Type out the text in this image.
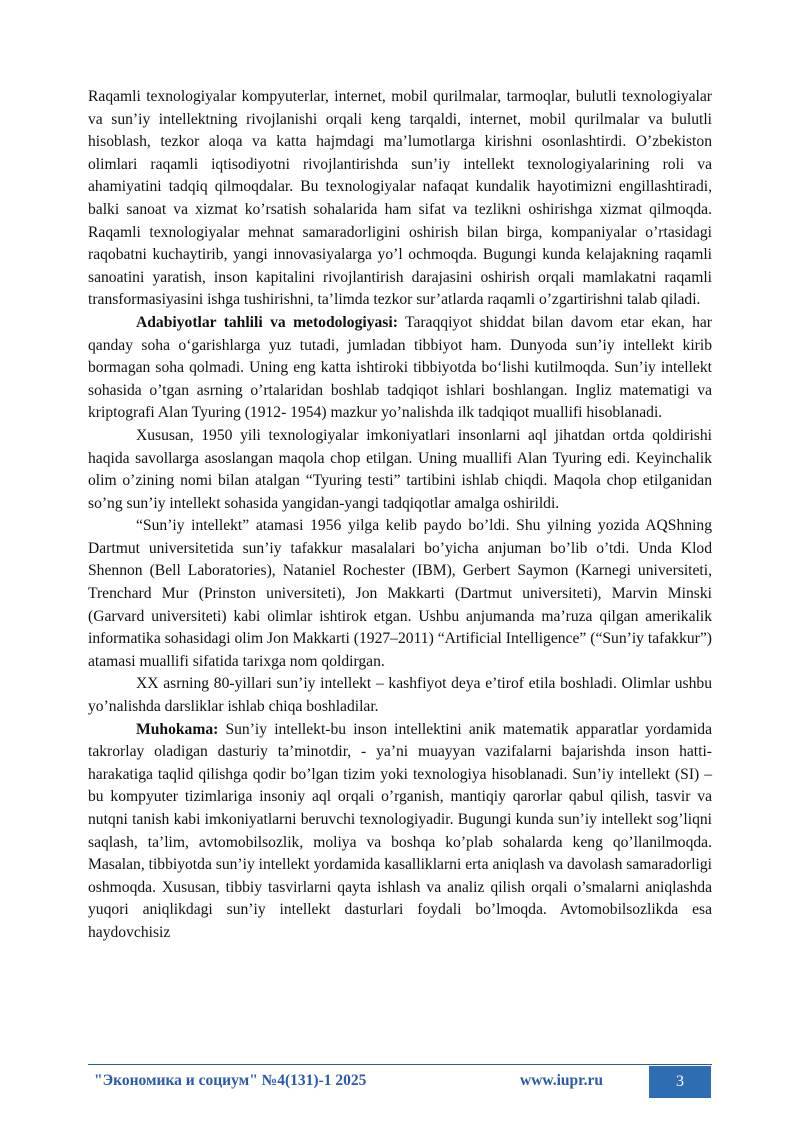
Raqamli texnologiyalar kompyuterlar, internet, mobil qurilmalar, tarmoqlar, bulutli texnologiyalar va sun’iy intellektning rivojlanishi orqali keng tarqaldi, internet, mobil qurilmalar va bulutli hisoblash, tezkor aloqa va katta hajmdagi ma’lumotlarga kirishni osonlashtirdi. O’zbekiston olimlari raqamli iqtisodiyotni rivojlantirishda sun’iy intellekt texnologiyalarining roli va ahamiyatini tadqiq qilmoqdalar. Bu texnologiyalar nafaqat kundalik hayotimizni engillashtiradi, balki sanoat va xizmat ko’rsatish sohalarida ham sifat va tezlikni oshirishga xizmat qilmoqda. Raqamli texnologiyalar mehnat samaradorligini oshirish bilan birga, kompaniyalar o’rtasidagi raqobatni kuchaytirib, yangi innovasiyalarga yo’l ochmoqda. Bugungi kunda kelajakning raqamli sanoatini yaratish, inson kapitalini rivojlantirish darajasini oshirish orqali mamlakatni raqamli transformasiyasini ishga tushirishni, ta’limda tezkor sur’atlarda raqamli o’zgartirishni talab qiladi.

Adabiyotlar tahlili va metodologiyasi: Taraqqiyot shiddat bilan davom etar ekan, har qanday soha o‘garishlarga yuz tutadi, jumladan tibbiyot ham. Dunyoda sun’iy intellekt kirib bormagan soha qolmadi. Uning eng katta ishtiroki tibbiyotda bo‘lishi kutilmoqda. Sun’iy intellekt sohasida o’tgan asrning o’rtalaridan boshlab tadqiqot ishlari boshlangan. Ingliz matematigi va kriptografi Alan Tyuring (1912- 1954) mazkur yo’nalishda ilk tadqiqot muallifi hisoblanadi.

Xususan, 1950 yili texnologiyalar imkoniyatlari insonlarni aql jihatdan ortda qoldirishi haqida savollarga asoslangan maqola chop etilgan. Uning muallifi Alan Tyuring edi. Keyinchalik olim o’zining nomi bilan atalgan “Tyuring testi” tartibini ishlab chiqdi. Maqola chop etilganidan so’ng sun’iy intellekt sohasida yangidan-yangi tadqiqotlar amalga oshirildi.

“Sun’iy intellekt” atamasi 1956 yilga kelib paydo bo’ldi. Shu yilning yozida AQShning Dartmut universitetida sun’iy tafakkur masalalari bo’yicha anjuman bo’lib o’tdi. Unda Klod Shennon (Bell Laboratories), Nataniel Rochester (IBM), Gerbert Saymon (Karnegi universiteti, Trenchard Mur (Prinston universiteti), Jon Makkarti (Dartmut universiteti), Marvin Minski (Garvard universiteti) kabi olimlar ishtirok etgan. Ushbu anjumanda ma’ruza qilgan amerikalik informatika sohasidagi olim Jon Makkarti (1927–2011) “Artificial Intelligence” (“Sun’iy tafakkur”) atamasi muallifi sifatida tarixga nom qoldirgan.

XX asrning 80-yillari sun’iy intellekt – kashfiyot deya e’tirof etila boshladi. Olimlar ushbu yo’nalishda darsliklar ishlab chiqa boshladilar.

Muhokama: Sun’iy intellekt-bu inson intellektini anik matematik apparatlar yordamida takrorlay oladigan dasturiy ta’minotdir, - ya’ni muayyan vazifalarni bajarishda inson hatti-harakatiga taqlid qilishga qodir bo’lgan tizim yoki texnologiya hisoblanadi. Sun’iy intellekt (SI) – bu kompyuter tizimlariga insoniy aql orqali o’rganish, mantiqiy qarorlar qabul qilish, tasvir va nutqni tanish kabi imkoniyatlarni beruvchi texnologiyadir. Bugungi kunda sun’iy intellekt sog’liqni saqlash, ta’lim, avtomobilsozlik, moliya va boshqa ko’plab sohalarda keng qo’llanilmoqda. Masalan, tibbiyotda sun’iy intellekt yordamida kasalliklarni erta aniqlash va davolash samaradorligi oshmoqda. Xususan, tibbiy tasvirlarni qayta ishlash va analiz qilish orqali o’smalarni aniqlashda yuqori aniqlikdagi sun’iy intellekt dasturlari foydali bo’lmoqda. Avtomobilsozlikda esa haydovchisiz

"Экономика и социум" №4(131)-1 2025	www.iupr.ru	3
